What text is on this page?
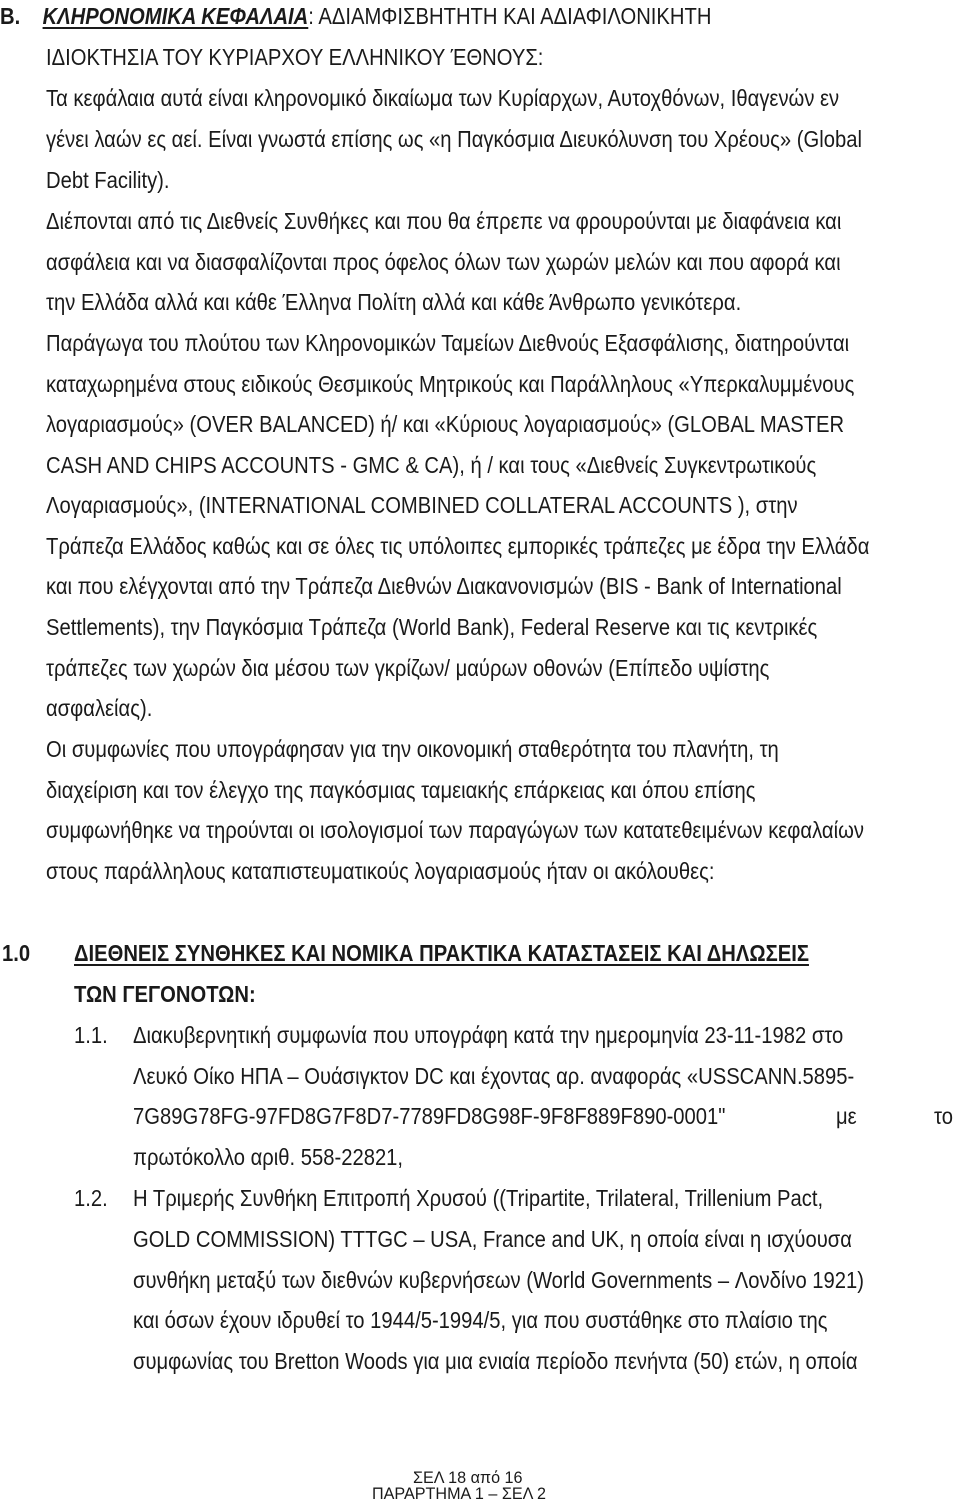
B. ΚΛΗΡΟΝΟΜΙΚΑ ΚΕΦΑΛΑΙΑ: ΑΔΙΑΜΦΙΣΒΗΤΗΤΗ ΚΑΙ ΑΔΙΑΦΙΛΟΝΙΚΗΤΗ
ΙΔΙΟΚΤΗΣΙΑ ΤΟΥ ΚΥΡΙΑΡΧΟΥ ΕΛΛΗΝΙΚΟΥ ΈΘΝΟΥΣ:
Τα κεφάλαια αυτά είναι κληρονομικό δικαίωμα των Κυρίαρχων, Αυτοχθόνων, Ιθαγενών εν
γένει λαών ες αεί. Είναι γνωστά επίσης ως «η Παγκόσμια Διευκόλυνση του Χρέους» (Global
Debt Facility).
Διέπονται από τις Διεθνείς Συνθήκες και που θα έπρεπε να φρουρούνται με διαφάνεια και
ασφάλεια και να διασφαλίζονται προς όφελος όλων των χωρών μελών και που αφορά και
την Ελλάδα αλλά και κάθε Έλληνα Πολίτη αλλά και κάθε Άνθρωπο γενικότερα.
Παράγωγα του πλούτου των Κληρονομικών Ταμείων Διεθνούς Εξασφάλισης, διατηρούνται
καταχωρημένα στους ειδικούς Θεσμικούς Μητρικούς και Παράλληλους «Υπερκαλυμμένους
λογαριασμούς» (OVER BALANCED) ή/ και «Κύριους λογαριασμούς» (GLOBAL MASTER
CASH AND CHIPS ACCOUNTS - GMC & CA), ή / και τους «Διεθνείς Συγκεντρωτικούς
Λογαριασμούς», (INTERNATIONAL COMBINED COLLATERAL ACCOUNTS ), στην
Τράπεζα Ελλάδος καθώς και σε όλες τις υπόλοιπες εμπορικές τράπεζες με έδρα την Ελλάδα
και που ελέγχονται από την Τράπεζα Διεθνών Διακανονισμών (BIS - Bank of International
Settlements), την Παγκόσμια Τράπεζα (World Bank), Federal Reserve και τις κεντρικές
τράπεζες των χωρών δια μέσου των γκρίζων/ μαύρων οθονών (Επίπεδο υψίστης
ασφαλείας).
Οι συμφωνίες που υπογράφησαν για την οικονομική σταθερότητα του πλανήτη, τη
διαχείριση και τον έλεγχο της παγκόσμιας ταμειακής επάρκειας και όπου επίσης
συμφωνήθηκε να τηρούνται οι ισολογισμοί των παραγώγων των κατατεθειμένων κεφαλαίων
στους παράλληλους καταπιστευματικούς λογαριασμούς ήταν οι ακόλουθες:
1.0 ΔΙΕΘΝΕΙΣ ΣΥΝΘΗΚΕΣ ΚΑΙ ΝΟΜΙΚΑ ΠΡΑΚΤΙΚΑ ΚΑΤΑΣΤΑΣΕΙΣ ΚΑΙ ΔΗΛΩΣΕΙΣ
ΤΩΝ ΓΕΓΟΝΟΤΩΝ:
1.1. Διακυβερνητική συμφωνία που υπογράφη κατά την ημερομηνία 23-11-1982 στο
Λευκό Οίκο ΗΠΑ – Ουάσιγκτον DC και έχοντας αρ. αναφοράς «USSCANN.5895-
7G89G78FG-97FD8G7F8D7-7789FD8G98F-9F8F889F890-0001"	με	το
πρωτόκολλο αριθ. 558-22821,
1.2. Η Τριμερής Συνθήκη Επιτροπή Χρυσού ((Tripartite, Trilateral, Trillenium Pact,
GOLD COMMISSION) TTTGC – USA, France and UK, η οποία είναι η ισχύουσα
συνθήκη μεταξύ των διεθνών κυβερνήσεων (World Governments – Λονδίνο 1921)
και όσων έχουν ιδρυθεί το 1944/5-1994/5, για που συστάθηκε στο πλαίσιο της
συμφωνίας του Bretton Woods για μια ενιαία περίοδο πενήντα (50) ετών, η οποία
ΣΕΛ 18 από 16
ΠΑΡΑΡΤΗΜΑ 1 – ΣΕΛ 2
